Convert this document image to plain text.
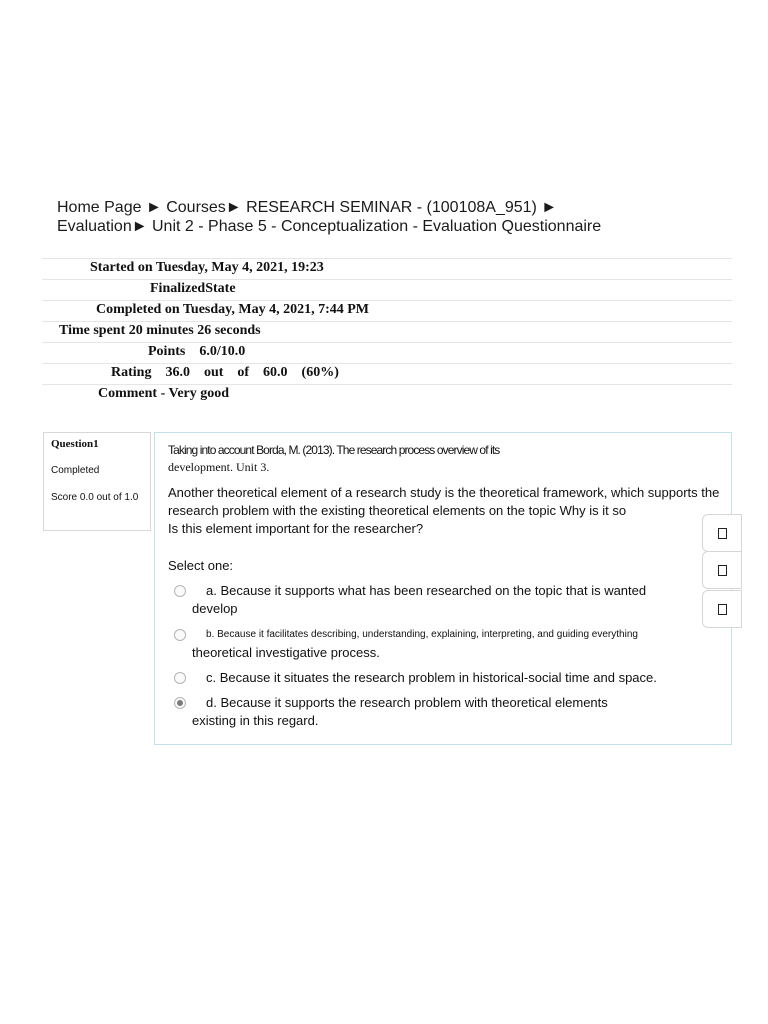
Home Page ► Courses► RESEARCH SEMINAR - (100108A_951) ►
Evaluation► Unit 2 - Phase 5 - Conceptualization - Evaluation Questionnaire
Started on Tuesday, May 4, 2021, 19:23
FinalizedState
Completed on Tuesday, May 4, 2021, 7:44 PM
Time spent 20 minutes 26 seconds
Points    6.0/10.0
Rating    36.0    out    of    60.0    (60%)
Comment - Very good
Question1
Completed
Score 0.0 out of 1.0
Taking into account Borda, M. (2013). The research process overview of its
development. Unit 3.
Another theoretical element of a research study is the theoretical framework, which supports the
research problem with the existing theoretical elements on the topic Why is it so
Is this element important for the researcher?
Select one:
a. Because it supports what has been researched on the topic that is wanted
develop
b. Because it facilitates describing, understanding, explaining, interpreting, and guiding everything
theoretical investigative process.
c. Because it situates the research problem in historical-social time and space.
d. Because it supports the research problem with theoretical elements
existing in this regard.
